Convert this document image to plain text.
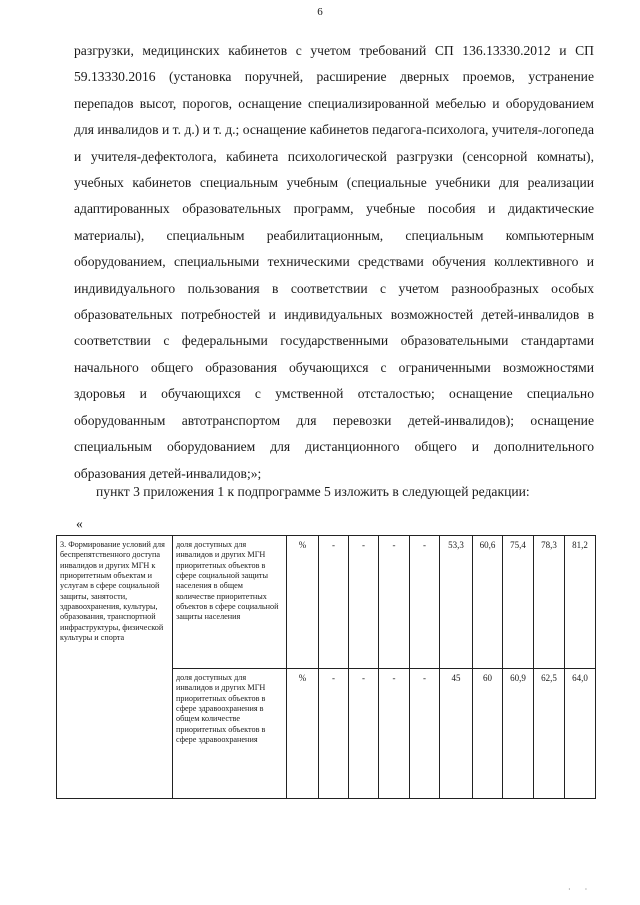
6

разгрузки, медицинских кабинетов с учетом требований СП 136.13330.2012 и СП 59.13330.2016 (установка поручней, расширение дверных проемов, устранение перепадов высот, порогов, оснащение специализированной мебелью и оборудованием для инвалидов и т. д.) и т. д.; оснащение кабинетов педагога-психолога, учителя-логопеда и учителя-дефектолога, кабинета психологической разгрузки (сенсорной комнаты), учебных кабинетов специальным учебным (специальные учебники для реализации адаптированных образовательных программ, учебные пособия и дидактические материалы), специальным реабилитационным, специальным компьютерным оборудованием, специальными техническими средствами обучения коллективного и индивидуального пользования в соответствии с учетом разнообразных особых образовательных потребностей и индивидуальных возможностей детей-инвалидов в соответствии с федеральными государственными образовательными стандартами начального общего образования обучающихся с ограниченными возможностями здоровья и обучающихся с умственной отсталостью; оснащение специально оборудованным автотранспортом для перевозки детей-инвалидов); оснащение специальным оборудованием для дистанционного общего и дополнительного образования детей-инвалидов;»;

пункт 3 приложения 1 к подпрограмме 5 изложить в следующей редакции:

«

3. Формирование условий для беспрепятственного доступа инвалидов и других МГН к приоритетным объектам и услугам в сфере социальной защиты, занятости, здравоохранения, культуры, образования, транспортной инфраструктуры, физической культуры и спорта	доля доступных для инвалидов и других МГН приоритетных объектов в сфере социальной защиты населения в общем количестве приоритетных объектов в сфере социальной защиты населения	%	-	-	-	-	53,3	60,6	75,4	78,3	81,2
	доля доступных для инвалидов и других МГН приоритетных объектов в сфере здравоохранения в общем количестве приоритетных объектов в сфере здравоохранения	%	-	-	-	-	45	60	60,9	62,5	64,0
· ·
